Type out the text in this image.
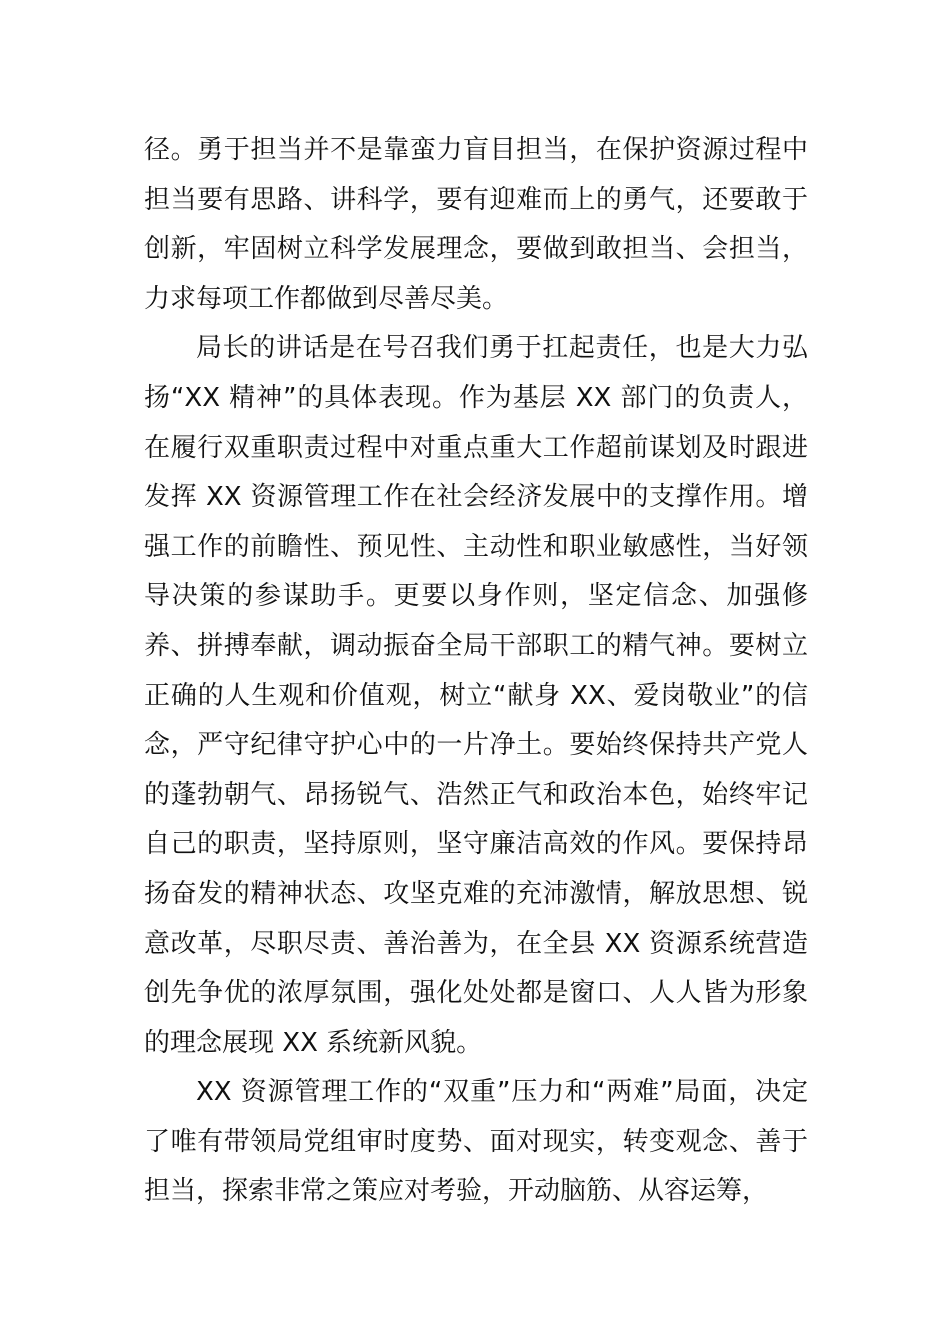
径。勇于担当并不是靠蛮力盲目担当，在保护资源过程中担当要有思路、讲科学，要有迎难而上的勇气，还要敢于创新，牢固树立科学发展理念，要做到敢担当、会担当，力求每项工作都做到尽善尽美。

局长的讲话是在号召我们勇于扛起责任，也是大力弘扬“XX 精神”的具体表现。作为基层 XX 部门的负责人，在履行双重职责过程中对重点重大工作超前谋划及时跟进发挥 XX 资源管理工作在社会经济发展中的支撑作用。增强工作的前瞻性、预见性、主动性和职业敏感性，当好领导决策的参谋助手。更要以身作则，坚定信念、加强修养、拼搏奉献，调动振奋全局干部职工的精气神。要树立正确的人生观和价值观，树立“献身 XX、爱岗敬业”的信念，严守纪律守护心中的一片净土。要始终保持共产党人的蓬勃朝气、昂扬锐气、浩然正气和政治本色，始终牢记自己的职责，坚持原则，坚守廉洁高效的作风。要保持昂扬奋发的精神状态、攻坚克难的充沛激情，解放思想、锐意改革，尽职尽责、善治善为，在全县 XX 资源系统营造创先争优的浓厚氛围，强化处处都是窗口、人人皆为形象的理念展现 XX 系统新风貌。

XX 资源管理工作的“双重”压力和“两难”局面，决定了唯有带领局党组审时度势、面对现实，转变观念、善于担当，探索非常之策应对考验，开动脑筋、从容运筹，
